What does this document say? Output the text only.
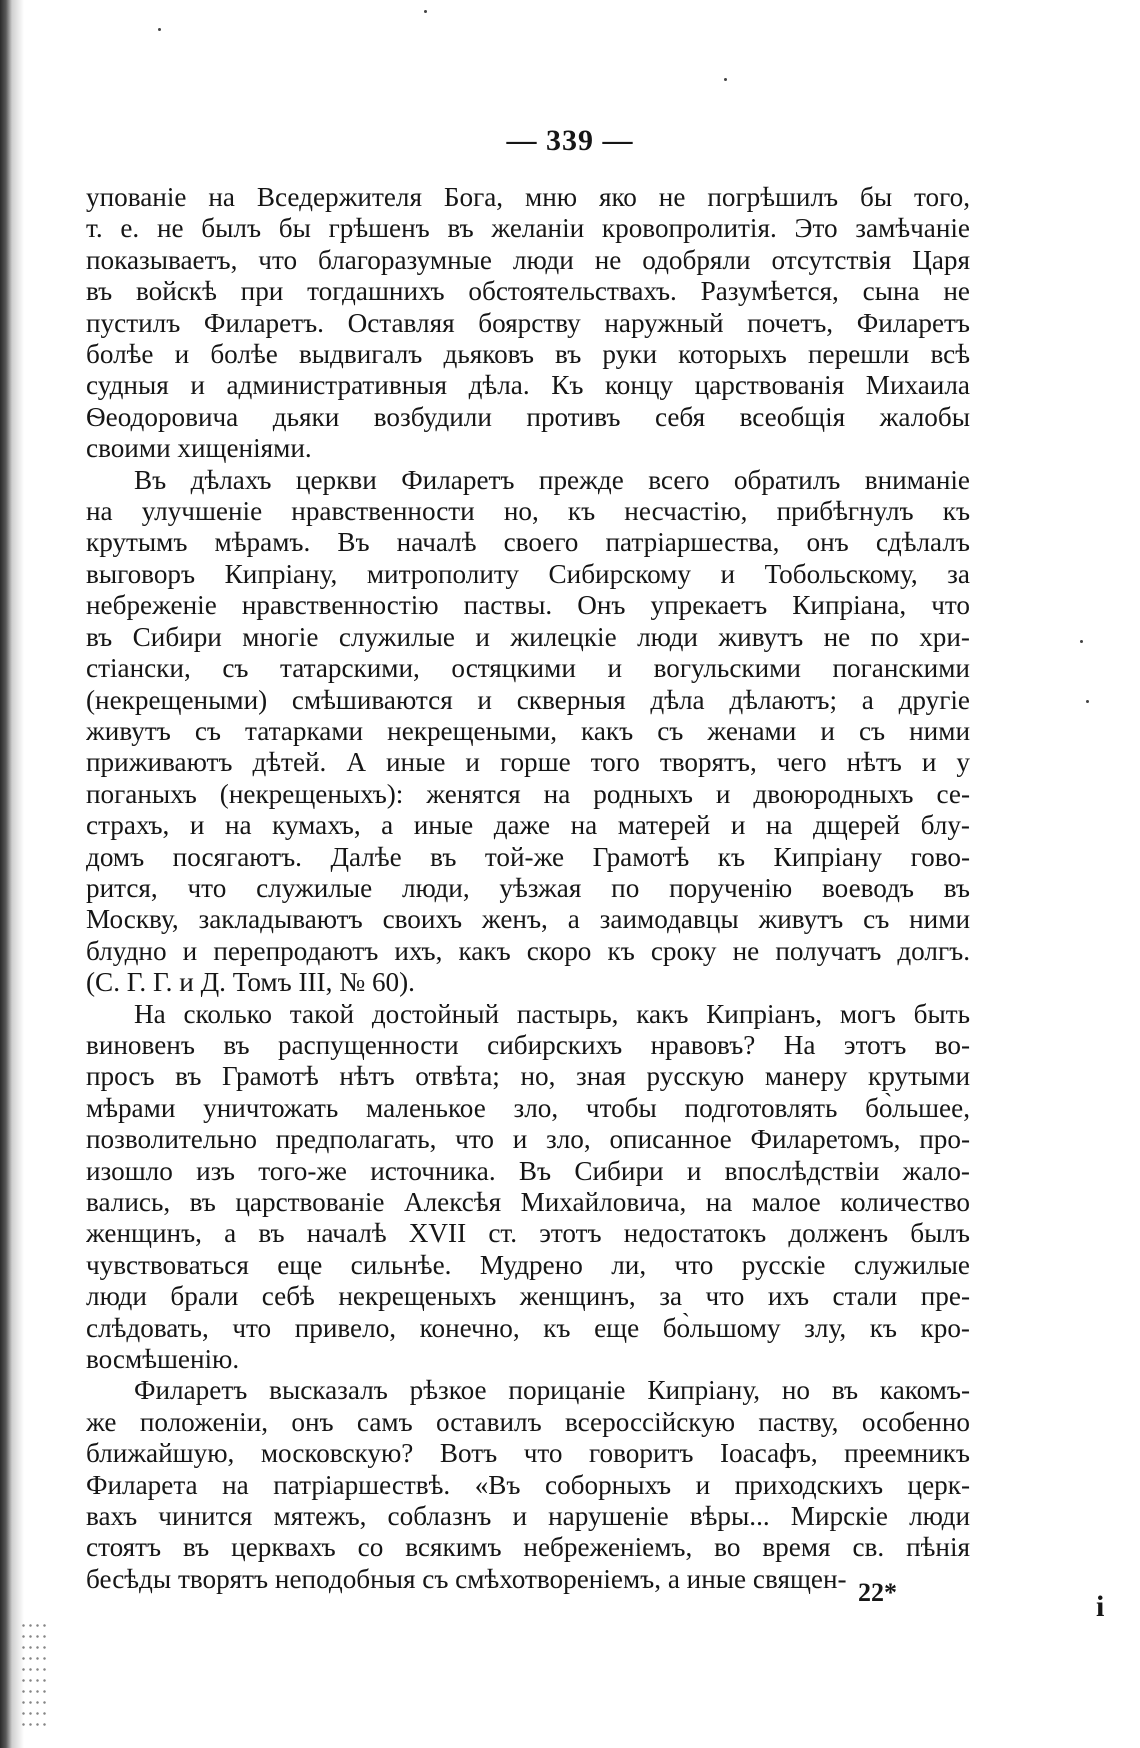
— 339 —

упованіе на Вседержителя Бога, мню яко не погрѣшилъ бы того,
т. е. не былъ бы грѣшенъ въ желаніи кровопролитія. Это замѣчаніе
показываетъ, что благоразумные люди не одобряли отсутствія Царя
въ войскѣ при тогдашнихъ обстоятельствахъ. Разумѣется, сына не
пустилъ Филаретъ. Оставляя боярству наружный почетъ, Филаретъ
болѣе и болѣе выдвигалъ дьяковъ въ руки которыхъ перешли всѣ
судныя и административныя дѣла. Къ концу царствованія Михаила
Ѳеодоровича дьяки возбудили противъ себя всеобщія жалобы
своими хищеніями.

Въ дѣлахъ церкви Филаретъ прежде всего обратилъ вниманіе
на улучшеніе нравственности но, къ несчастію, прибѣгнулъ къ
крутымъ мѣрамъ. Въ началѣ своего патріаршества, онъ сдѣлалъ
выговоръ Кипріану, митрополиту Сибирскому и Тобольскому, за
небреженіе нравственностію паствы. Онъ упрекаетъ Кипріана, что
въ Сибири многіе служилые и жилецкіе люди живутъ не по хри-
стіански, съ татарскими, остяцкими и вогульскими поганскими
(некрещеными) смѣшиваются и скверныя дѣла дѣлаютъ; а другіе
живутъ съ татарками некрещеными, какъ съ женами и съ ними
приживаютъ дѣтей. А иные и горше того творятъ, чего нѣтъ и у
поганыхъ (некрещеныхъ): женятся на родныхъ и двоюродныхъ се-
страхъ, и на кумахъ, а иные даже на матерей и на дщерей блу-
домъ посягаютъ. Далѣе въ той-же Грамотѣ къ Кипріану гово-
рится, что служилые люди, уѣзжая по порученію воеводъ въ
Москву, закладываютъ своихъ женъ, а заимодавцы живутъ съ ними
блудно и перепродаютъ ихъ, какъ скоро къ сроку не получатъ долгъ.
(С. Г. Г. и Д. Томъ III, № 60).

На сколько такой достойный пастырь, какъ Кипріанъ, могъ быть
виновенъ въ распущенности сибирскихъ нравовъ? На этотъ во-
просъ въ Грамотѣ нѣтъ отвѣта; но, зная русскую манеру крутыми
мѣрами уничтожать маленькое зло, чтобы подготовлять бо̀льшее,
позволительно предполагать, что и зло, описанное Филаретомъ, про-
изошло изъ того-же источника. Въ Сибири и впослѣдствіи жало-
вались, въ царствованіе Алексѣя Михайловича, на малое количество
женщинъ, а въ началѣ XVII ст. этотъ недостатокъ долженъ былъ
чувствоваться еще сильнѣе. Мудрено ли, что русскіе служилые
люди брали себѣ некрещеныхъ женщинъ, за что ихъ стали пре-
слѣдовать, что привело, конечно, къ еще бо̀льшому злу, къ кро-
восмѣшенію.

Филаретъ высказалъ рѣзкое порицаніе Кипріану, но въ какомъ-
же положеніи, онъ самъ оставилъ всероссійскую паству, особенно
ближайшую, московскую? Вотъ что говоритъ Іоасафъ, преемникъ
Филарета на патріаршествѣ. «Въ соборныхъ и приходскихъ церк-
вахъ чинится мятежъ, соблазнъ и нарушеніе вѣры... Мирскіе люди
стоятъ въ церквахъ со всякимъ небреженіемъ, во время св. пѣнія
бесѣды творятъ неподобныя съ смѣхотвореніемъ, а иные священ- 22*	i
